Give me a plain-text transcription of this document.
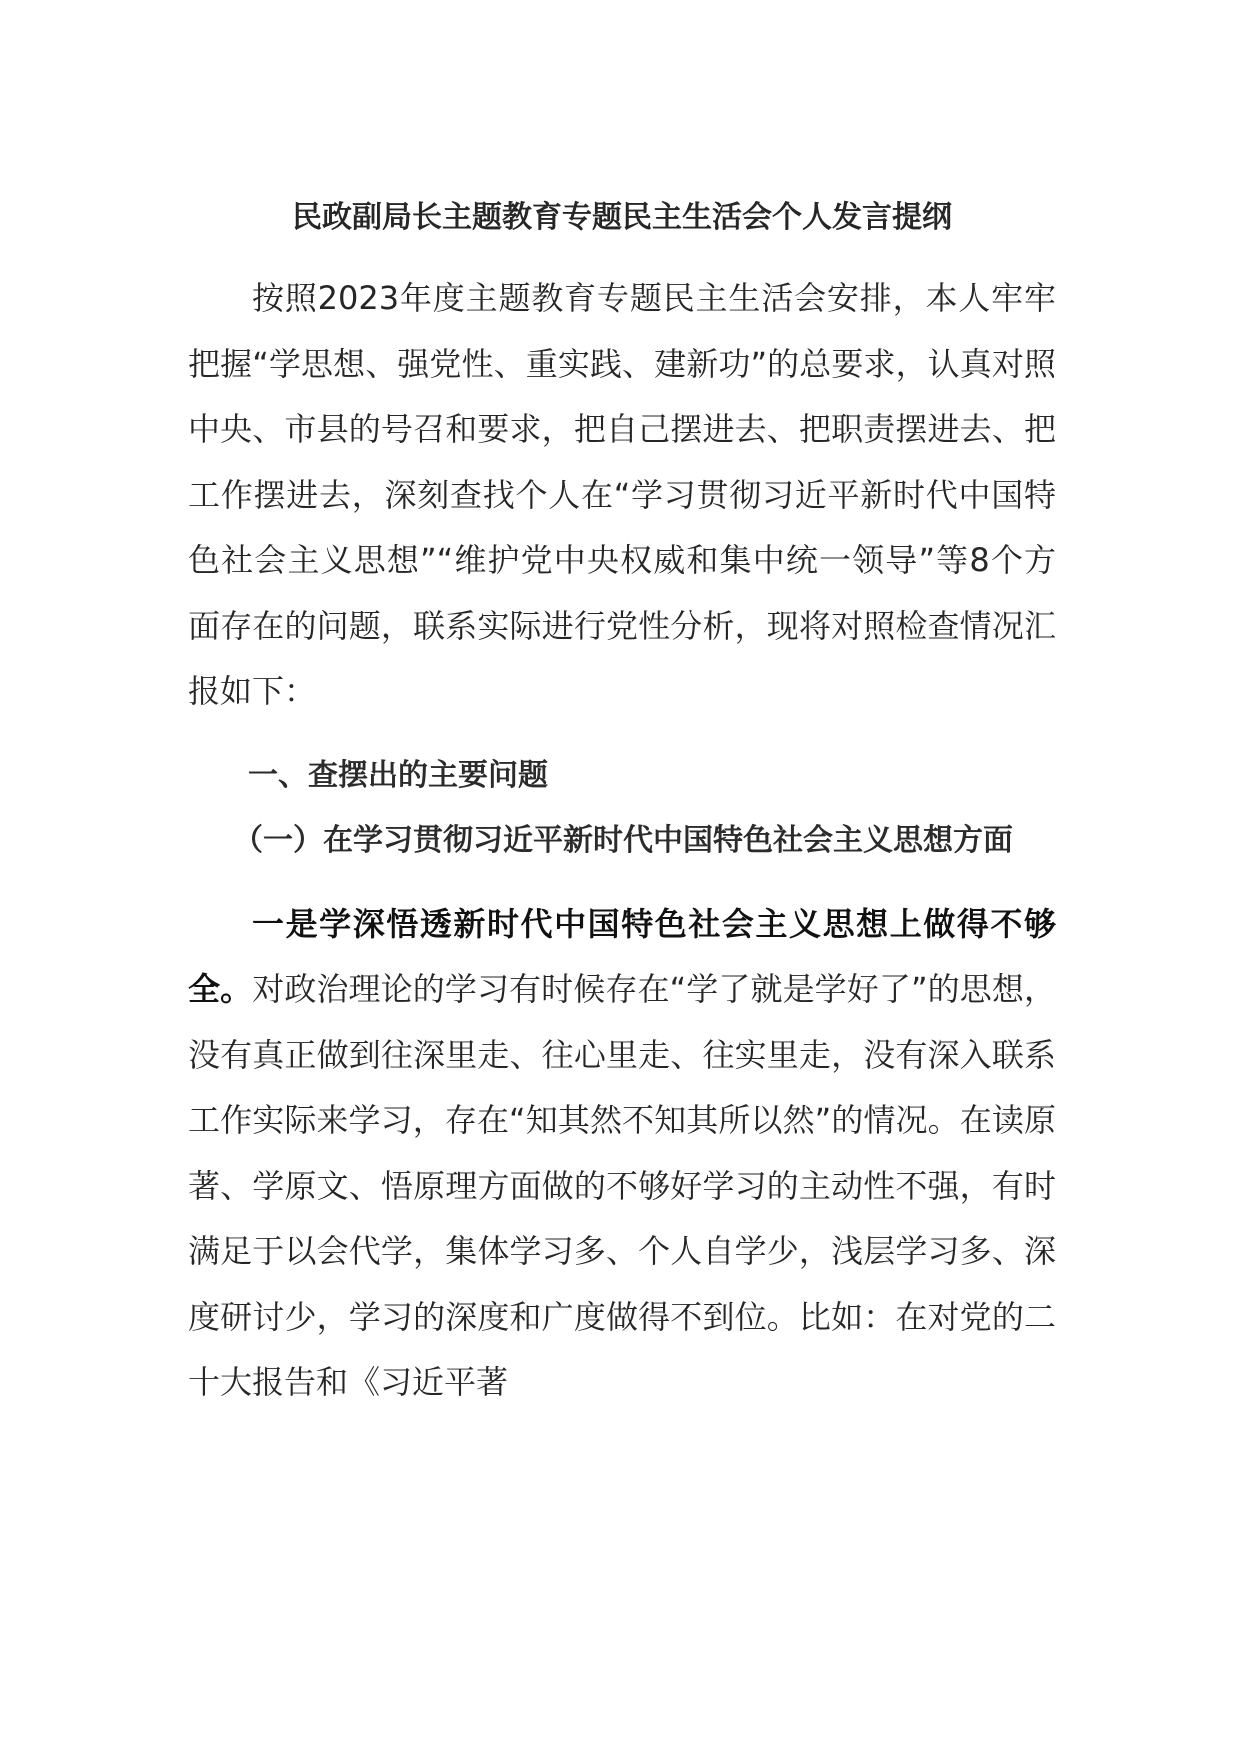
民政副局长主题教育专题民主生活会个人发言提纲

按照2023年度主题教育专题民主生活会安排，本人牢牢把握“学思想、强党性、重实践、建新功”的总要求，认真对照中央、市县的号召和要求，把自己摆进去、把职责摆进去、把工作摆进去，深刻查找个人在“学习贯彻习近平新时代中国特色社会主义思想”“维护党中央权威和集中统一领导”等8个方面存在的问题，联系实际进行党性分析，现将对照检查情况汇报如下：

一、查摆出的主要问题
（一）在学习贯彻习近平新时代中国特色社会主义思想方面

一是学深悟透新时代中国特色社会主义思想上做得不够全。对政治理论的学习有时候存在“学了就是学好了”的思想，没有真正做到往深里走、往心里走、往实里走，没有深入联系工作实际来学习，存在“知其然不知其所以然”的情况。在读原著、学原文、悟原理方面做的不够好学习的主动性不强，有时满足于以会代学，集体学习多、个人自学少，浅层学习多、深度研讨少，学习的深度和广度做得不到位。比如：在对党的二十大报告和《习近平著
